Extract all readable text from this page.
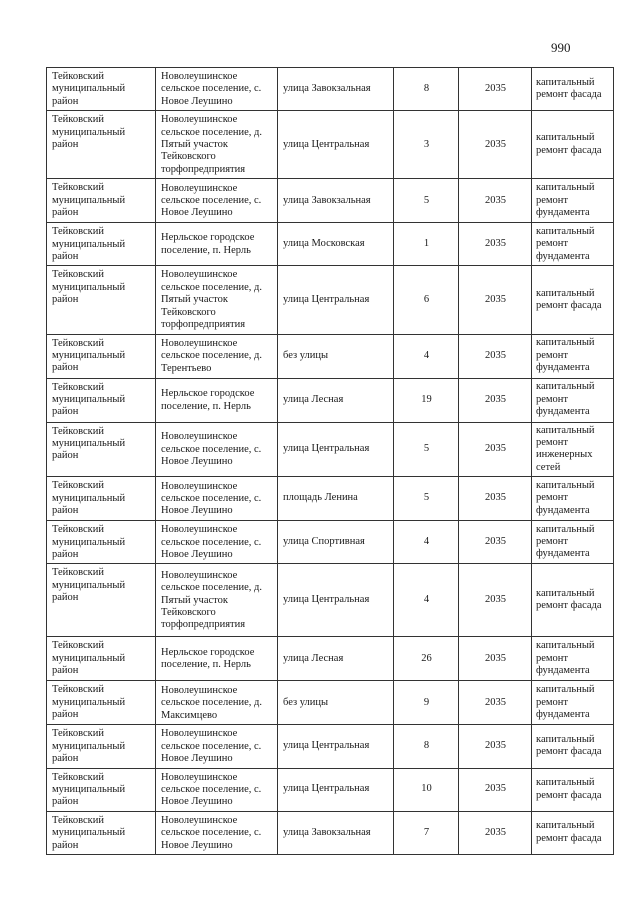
990
Тейковский муниципальный район	Новолеушинское сельское поселение, с. Новое Леушино	улица Завокзальная	8	2035	капитальный ремонт фасада
Тейковский муниципальный район	Новолеушинское сельское поселение, д. Пятый участок Тейковского торфопредприятия	улица Центральная	3	2035	капитальный ремонт фасада
Тейковский муниципальный район	Новолеушинское сельское поселение, с. Новое Леушино	улица Завокзальная	5	2035	капитальный ремонт фундамента
Тейковский муниципальный район	Нерльское городское поселение, п. Нерль	улица Московская	1	2035	капитальный ремонт фундамента
Тейковский муниципальный район	Новолеушинское сельское поселение, д. Пятый участок Тейковского торфопредприятия	улица Центральная	6	2035	капитальный ремонт фасада
Тейковский муниципальный район	Новолеушинское сельское поселение, д. Терентьево	без улицы	4	2035	капитальный ремонт фундамента
Тейковский муниципальный район	Нерльское городское поселение, п. Нерль	улица Лесная	19	2035	капитальный ремонт фундамента
Тейковский муниципальный район	Новолеушинское сельское поселение, с. Новое Леушино	улица Центральная	5	2035	капитальный ремонт инженерных сетей
Тейковский муниципальный район	Новолеушинское сельское поселение, с. Новое Леушино	площадь Ленина	5	2035	капитальный ремонт фундамента
Тейковский муниципальный район	Новолеушинское сельское поселение, с. Новое Леушино	улица Спортивная	4	2035	капитальный ремонт фундамента
Тейковский муниципальный район	Новолеушинское сельское поселение, д. Пятый участок Тейковского торфопредприятия	улица Центральная	4	2035	капитальный ремонт фасада
Тейковский муниципальный район	Нерльское городское поселение, п. Нерль	улица Лесная	26	2035	капитальный ремонт фундамента
Тейковский муниципальный район	Новолеушинское сельское поселение, д. Максимцево	без улицы	9	2035	капитальный ремонт фундамента
Тейковский муниципальный район	Новолеушинское сельское поселение, с. Новое Леушино	улица Центральная	8	2035	капитальный ремонт фасада
Тейковский муниципальный район	Новолеушинское сельское поселение, с. Новое Леушино	улица Центральная	10	2035	капитальный ремонт фасада
Тейковский муниципальный район	Новолеушинское сельское поселение, с. Новое Леушино	улица Завокзальная	7	2035	капитальный ремонт фасада
